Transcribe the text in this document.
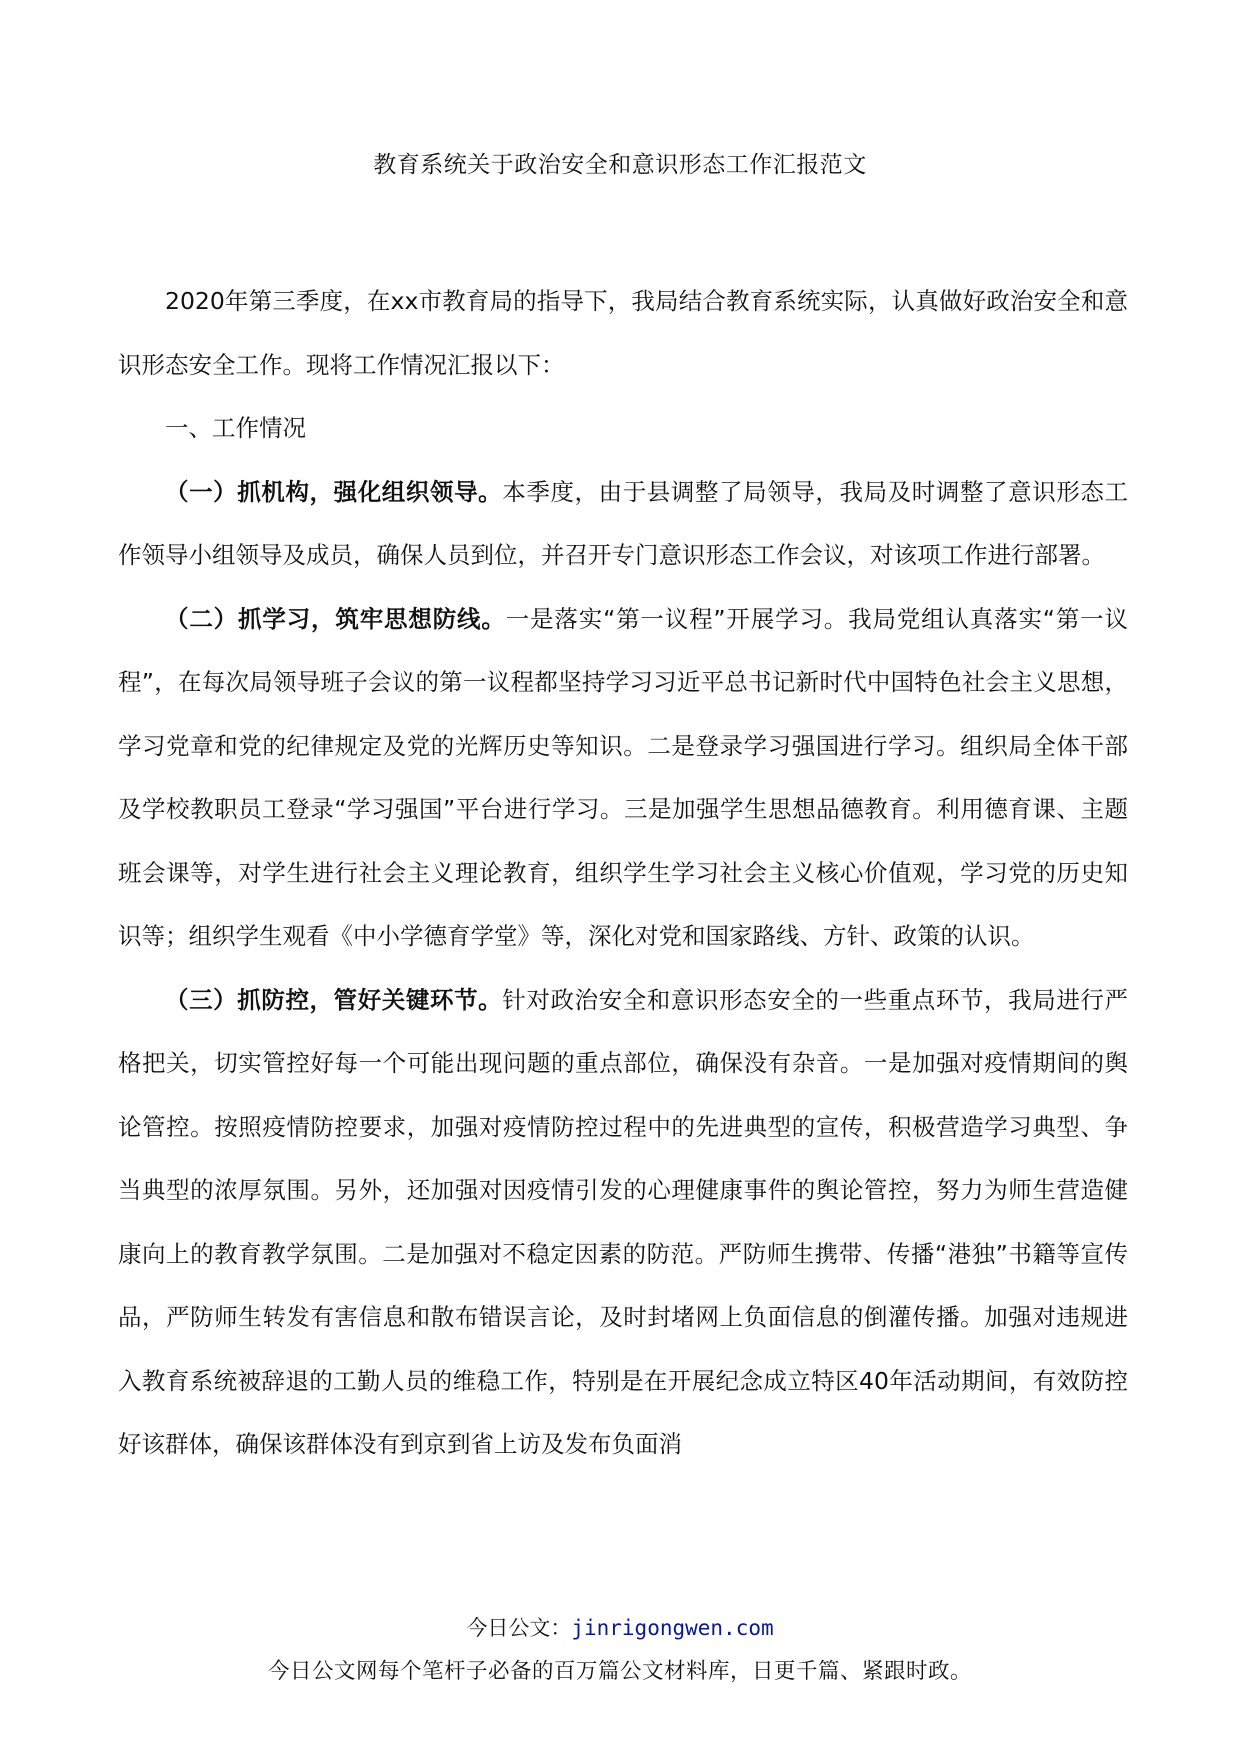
教育系统关于政治安全和意识形态工作汇报范文

2020年第三季度，在xx市教育局的指导下，我局结合教育系统实际，认真做好政治安全和意识形态安全工作。现将工作情况汇报以下：

一、工作情况

（一）抓机构，强化组织领导。本季度，由于县调整了局领导，我局及时调整了意识形态工作领导小组领导及成员，确保人员到位，并召开专门意识形态工作会议，对该项工作进行部署。

（二）抓学习，筑牢思想防线。一是落实“第一议程”开展学习。我局党组认真落实“第一议程”，在每次局领导班子会议的第一议程都坚持学习习近平总书记新时代中国特色社会主义思想，学习党章和党的纪律规定及党的光辉历史等知识。二是登录学习强国进行学习。组织局全体干部及学校教职员工登录“学习强国”平台进行学习。三是加强学生思想品德教育。利用德育课、主题班会课等，对学生进行社会主义理论教育，组织学生学习社会主义核心价值观，学习党的历史知识等；组织学生观看《中小学德育学堂》等，深化对党和国家路线、方针、政策的认识。

（三）抓防控，管好关键环节。针对政治安全和意识形态安全的一些重点环节，我局进行严格把关，切实管控好每一个可能出现问题的重点部位，确保没有杂音。一是加强对疫情期间的舆论管控。按照疫情防控要求，加强对疫情防控过程中的先进典型的宣传，积极营造学习典型、争当典型的浓厚氛围。另外，还加强对因疫情引发的心理健康事件的舆论管控，努力为师生营造健康向上的教育教学氛围。二是加强对不稳定因素的防范。严防师生携带、传播“港独”书籍等宣传品，严防师生转发有害信息和散布错误言论，及时封堵网上负面信息的倒灌传播。加强对违规进入教育系统被辞退的工勤人员的维稳工作，特别是在开展纪念成立特区40年活动期间，有效防控好该群体，确保该群体没有到京到省上访及发布负面消

今日公文：jinrigongwen.com
今日公文网每个笔杆子必备的百万篇公文材料库，日更千篇、紧跟时政。
